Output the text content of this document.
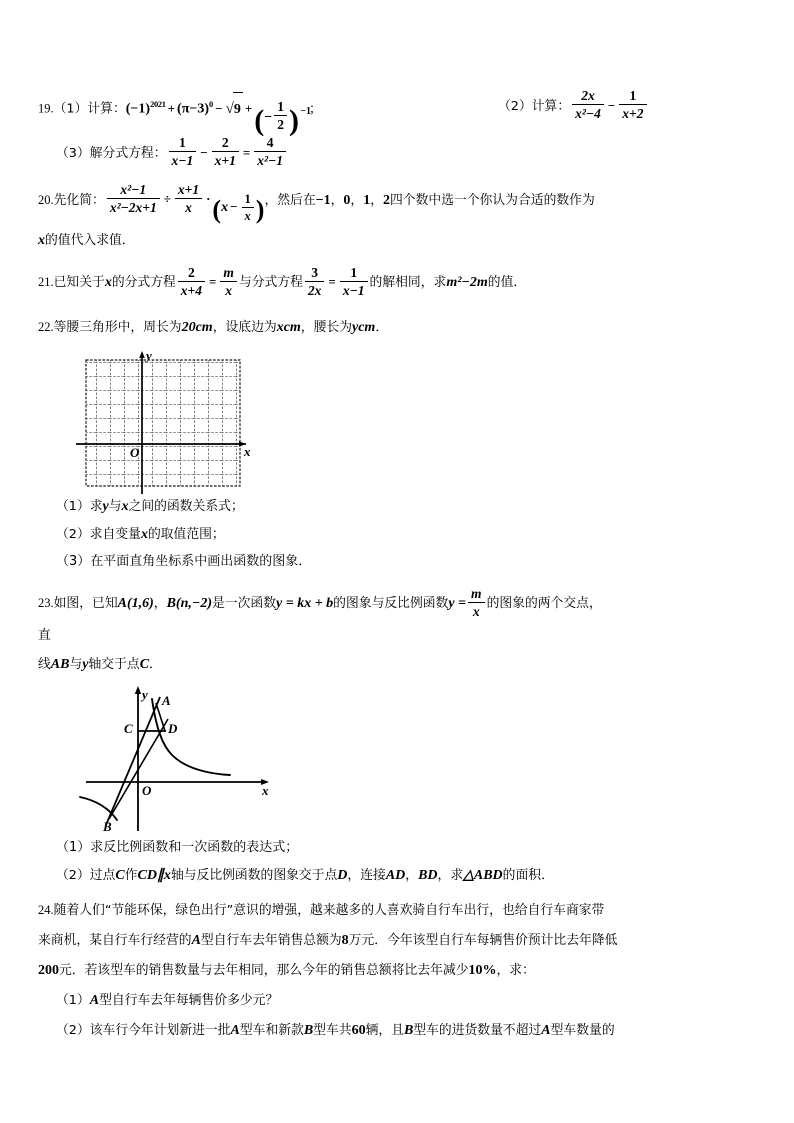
19.（1）计算：$(-1)^{2021} + (\pi-3)^0 - √9$ +(− $\frac{1}{2}$ ) −1
；	（2）计算： $\frac{2x}{\text{x²−4}} - \frac{1}{x+2}$
（3）解分式方程： $\frac{1}{x-1} - \frac{2}{x+1} = \frac{4}{\text{x²−1}}$
20.先化简： $\frac{\text{x²−1}}{\text{x²−2x+1}} \div \frac{x+1}{x} \cdot(x - \frac{1}{x}$ )，然后在−1，0，1，2四个数中选一个你认为合适的数作为
x的值代入求值．
21.已知关于x的分式方程 $\frac{2}{x+4} = \frac{m}{x}$ 与分式方程 $\frac{3}{2x} = \frac{1}{x-1}$ 的解相同，求m²−2m的值．
22.等腰三角形中，周长为20cm，设底边为xcm，腰长为ycm．
y
x
O
（1）求y与x之间的函数关系式；
（2）求自变量x的取值范围；
（3）在平面直角坐标系中画出函数的图象．
23.如图，已知A(1,6)，B(n,−2)是一次函数y = kx + b的图象与反比例函数$y = \frac{m}{x}$ 的图象的两个交点，
直
线AB与y轴交于点C．
A
B
C	D
O
y
x
（1）求反比例函数和一次函数的表达式；
（2）过点C作CD∥x轴与反比例函数的图象交于点D，连接AD，BD，求△ABD的面积．
24.随着人们“节能环保，绿色出行”意识的增强，越来越多的人喜欢骑自行车出行，也给自行车商家带
来商机，某自行车行经营的A型自行车去年销售总额为8万元．今年该型自行车每辆售价预计比去年降低
200元．若该型车的销售数量与去年相同，那么今年的销售总额将比去年减少10%，求：
（1）A型自行车去年每辆售价多少元？
（2）该车行今年计划新进一批A型车和新款B型车共60辆，且B型车的进货数量不超过A型车数量的
